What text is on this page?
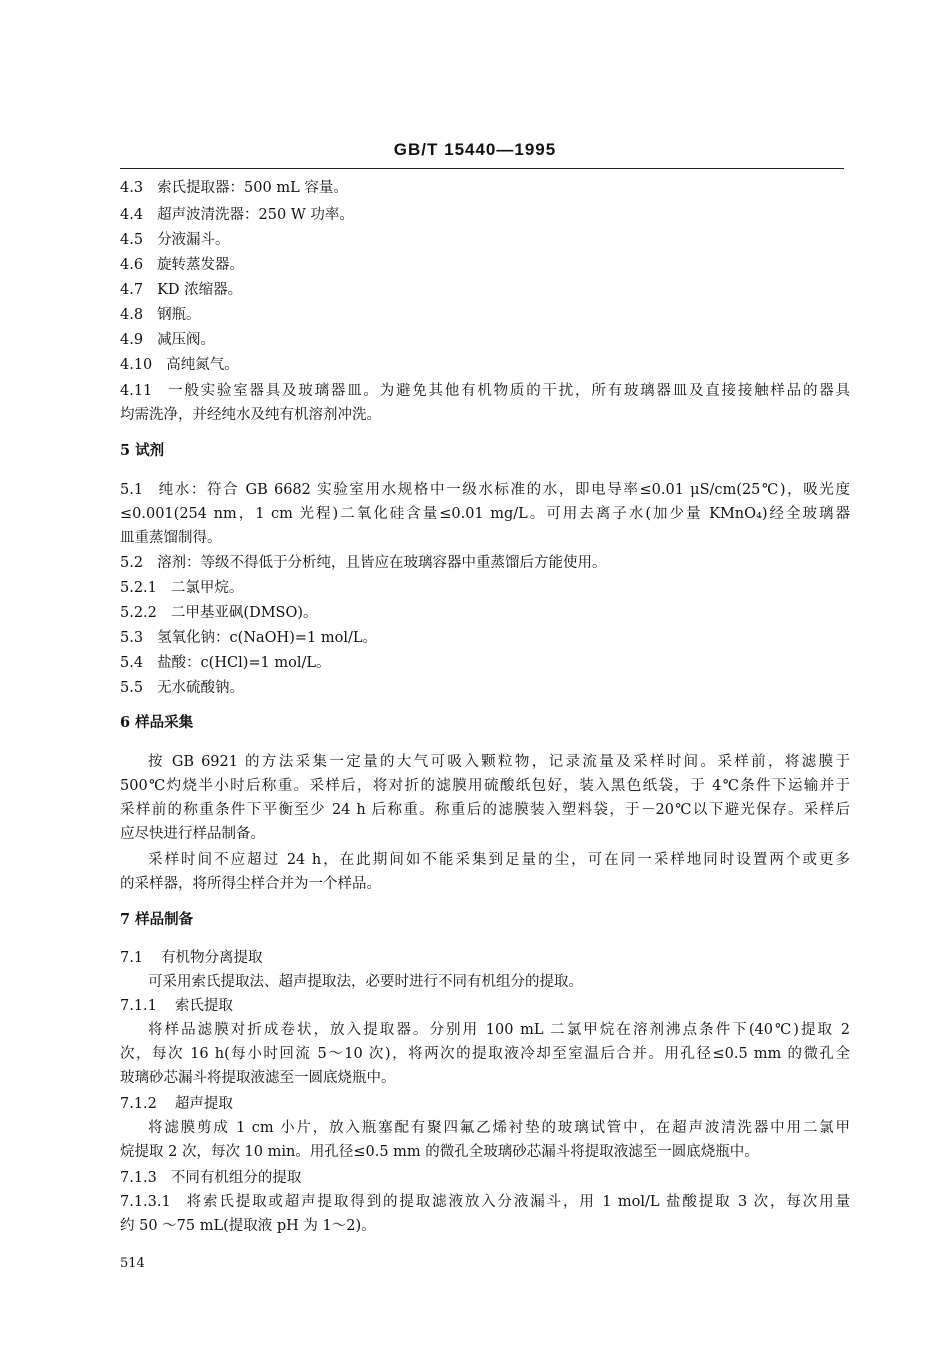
GB/T 15440—1995
4.3 索氏提取器：500 mL 容量。
4.4 超声波清洗器：250 W 功率。
4.5 分液漏斗。
4.6 旋转蒸发器。
4.7 KD 浓缩器。
4.8 钢瓶。
4.9 减压阀。
4.10 高纯氮气。
4.11 一般实验室器具及玻璃器皿。为避免其他有机物质的干扰，所有玻璃器皿及直接接触样品的器具
均需洗净，并经纯水及纯有机溶剂冲洗。
5 试剂
5.1 纯水：符合 GB 6682 实验室用水规格中一级水标准的水，即电导率≤0.01 μS/cm(25℃)，吸光度
≤0.001(254 nm，1 cm 光程)二氧化硅含量≤0.01 mg/L。可用去离子水(加少量 KMnO₄)经全玻璃器
皿重蒸馏制得。
5.2 溶剂：等级不得低于分析纯，且皆应在玻璃容器中重蒸馏后方能使用。
5.2.1 二氯甲烷。
5.2.2 二甲基亚砜(DMSO)。
5.3 氢氧化钠：c(NaOH)=1 mol/L。
5.4 盐酸：c(HCl)=1 mol/L。
5.5 无水硫酸钠。
6 样品采集
按 GB 6921 的方法采集一定量的大气可吸入颗粒物，记录流量及采样时间。采样前，将滤膜于
500℃灼烧半小时后称重。采样后，将对折的滤膜用硫酸纸包好，装入黑色纸袋，于 4℃条件下运输并于
采样前的称重条件下平衡至少 24 h 后称重。称重后的滤膜装入塑料袋，于－20℃以下避光保存。采样后
应尽快进行样品制备。
采样时间不应超过 24 h，在此期间如不能采集到足量的尘，可在同一采样地同时设置两个或更多
的采样器，将所得尘样合并为一个样品。
7 样品制备
7.1 有机物分离提取
可采用索氏提取法、超声提取法，必要时进行不同有机组分的提取。
7.1.1 索氏提取
将样品滤膜对折成卷状，放入提取器。分别用 100 mL 二氯甲烷在溶剂沸点条件下(40℃)提取 2
次，每次 16 h(每小时回流 5～10 次)，将两次的提取液冷却至室温后合并。用孔径≤0.5 mm 的微孔全
玻璃砂芯漏斗将提取液滤至一圆底烧瓶中。
7.1.2 超声提取
将滤膜剪成 1 cm 小片，放入瓶塞配有聚四氟乙烯衬垫的玻璃试管中，在超声波清洗器中用二氯甲
烷提取 2 次，每次 10 min。用孔径≤0.5 mm 的微孔全玻璃砂芯漏斗将提取液滤至一圆底烧瓶中。
7.1.3 不同有机组分的提取
7.1.3.1 将索氏提取或超声提取得到的提取滤液放入分液漏斗，用 1 mol/L 盐酸提取 3 次，每次用量
约 50 ～75 mL(提取液 pH 为 1～2)。
514
